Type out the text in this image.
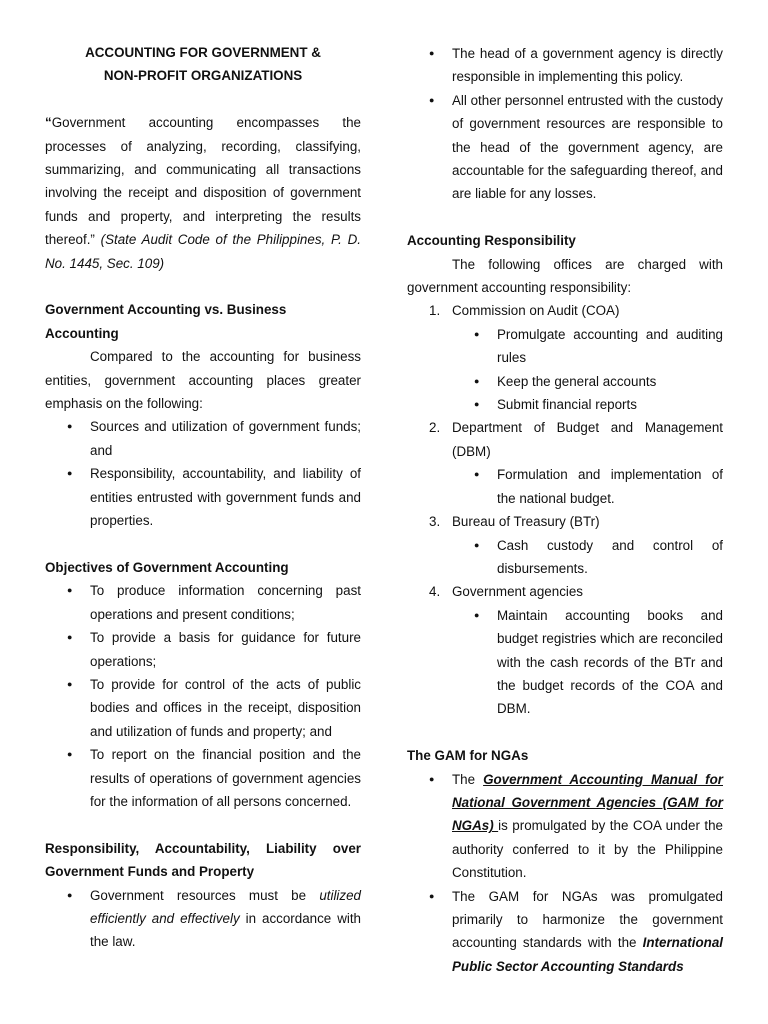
ACCOUNTING FOR GOVERNMENT &
NON-PROFIT ORGANIZATIONS

“Government accounting encompasses the processes of analyzing, recording, classifying, summarizing, and communicating all transactions involving the receipt and disposition of government funds and property, and interpreting the results thereof.” (State Audit Code of the Philippines, P. D. No. 1445, Sec. 109)

Government Accounting vs. Business Accounting

Compared to the accounting for business entities, government accounting places greater emphasis on the following:

● Sources and utilization of government funds; and
● Responsibility, accountability, and liability of entities entrusted with government funds and properties.

Objectives of Government Accounting

● To produce information concerning past operations and present conditions;
● To provide a basis for guidance for future operations;
● To provide for control of the acts of public bodies and offices in the receipt, disposition and utilization of funds and property; and
● To report on the financial position and the results of operations of government agencies for the information of all persons concerned.

Responsibility, Accountability, Liability over Government Funds and Property

● Government resources must be utilized efficiently and effectively in accordance with the law.
● The head of a government agency is directly responsible in implementing this policy.
● All other personnel entrusted with the custody of government resources are responsible to the head of the government agency, are accountable for the safeguarding thereof, and are liable for any losses.

Accounting Responsibility

The following offices are charged with government accounting responsibility:

1. Commission on Audit (COA)
● Promulgate accounting and auditing rules
● Keep the general accounts
● Submit financial reports
2. Department of Budget and Management (DBM)
● Formulation and implementation of the national budget.
3. Bureau of Treasury (BTr)
● Cash custody and control of disbursements.
4. Government agencies
● Maintain accounting books and budget registries which are reconciled with the cash records of the BTr and the budget records of the COA and DBM.

The GAM for NGAs

● The Government Accounting Manual for National Government Agencies (GAM for NGAs) is promulgated by the COA under the authority conferred to it by the Philippine Constitution.
● The GAM for NGAs was promulgated primarily to harmonize the government accounting standards with the International Public Sector Accounting Standards
